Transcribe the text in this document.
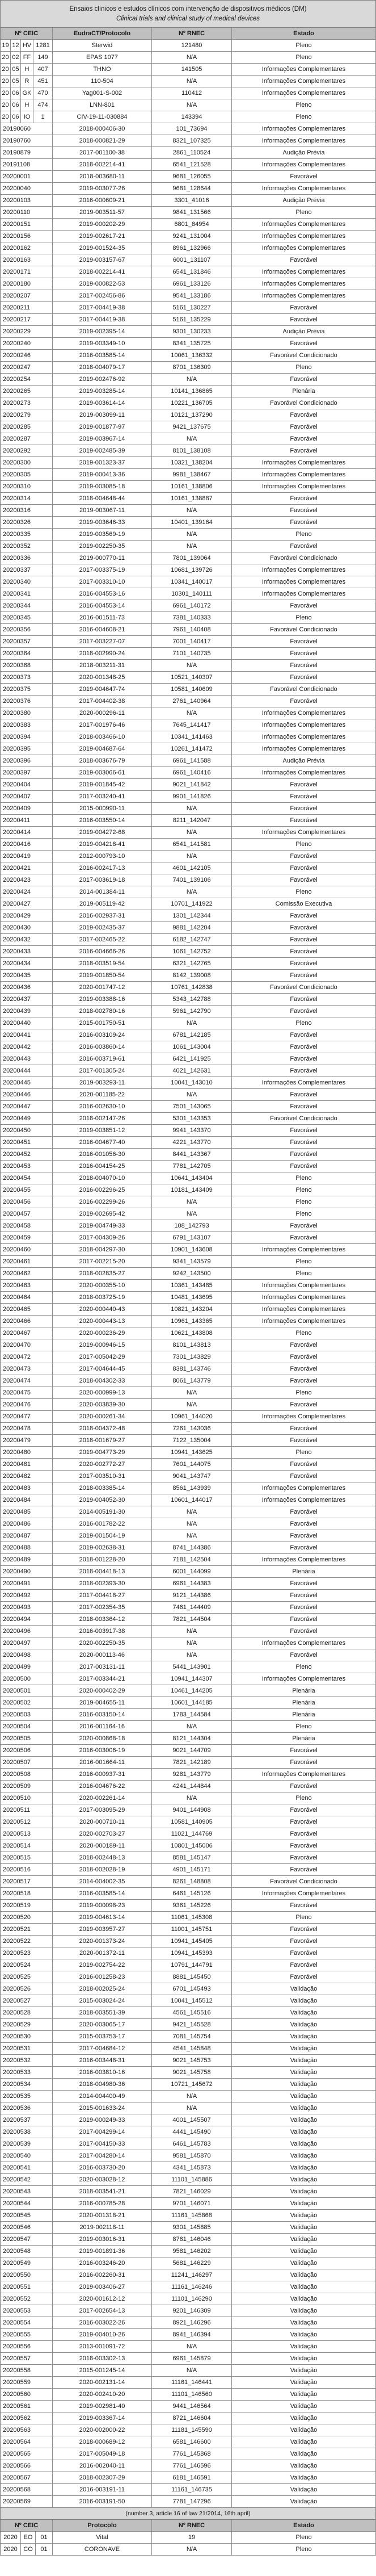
Ensaios clínicos e estudos clínicos com intervenção de dispositivos médicos (DM)
Clinical trials and clinical study of medical devices
Nº CEIC	EudraCT/Protocolo	Nº RNEC	Estado
19 12 HV 1281	Sterwid	121480	Pleno
20 02 FF	149	EPAS 1077	N/A	Pleno
20 05 H	407	THNO	141505	Informações Complementares
20 05 R	451	110-504	N/A	Informações Complementares
20 06 GK 470	Yag001-S-002	110412	Informações Complementares
20 06 H	474	LNN-801	N/A	Pleno
20 06 IO	1	CIV-19-11-030884	143394	Pleno
20190060	2018-000406-30	101_73694	Informações Complementares
20190760	2018-000821-29	8321_107325	Informações Complementares
20190879	2017-001100-38	2861_110524	Audição Prévia
20191108	2018-002214-41	6541_121528	Informações Complementares
20200001	2018-003680-11	9681_126055	Favorável
20200040	2019-003077-26	9681_128644	Informações Complementares
20200103	2016-000609-21	3301_41016	Audição Prévia
20200110	2019-003511-57	9841_131566	Pleno
20200151	2019-000202-29	6801_84954	Informações Complementares
20200156	2019-002617-21	9241_131004	Informações Complementares
20200162	2019-001524-35	8961_132966	Informações Complementares
20200163	2019-003157-67	6001_131107	Favorável
20200171	2018-002214-41	6541_131846	Informações Complementares
20200180	2019-000822-53	6961_133126	Informações Complementares
20200207	2017-002456-86	9541_133186	Informações Complementares
20200211	2017-004419-38	5161_130227	Favorável
20200217	2017-004419-38	5161_135229	Favorável
20200229	2019-002395-14	9301_130233	Audição Prévia
20200240	2019-003349-10	8341_135725	Favorável
20200246	2016-003585-14	10061_136332	Favorável Condicionado
20200247	2018-004079-17	8701_136309	Pleno
20200254	2019-002476-92	N/A	Favorável
20200265	2019-003285-14	10141_136865	Plenária
20200273	2019-003614-14	10221_136705	Favorável Condicionado
20200279	2019-003099-11	10121_137290	Favorável
20200285	2019-001877-97	9421_137675	Favorável
20200287	2019-003967-14	N/A	Favorável
20200292	2019-002485-39	8101_138108	Favorável
20200300	2019-001323-37	10321_138204	Informações Complementares
20200305	2019-000413-36	9981_138467	Informações Complementares
20200310	2019-003085-18	10161_138806	Informações Complementares
20200314	2018-004648-44	10161_138887	Favorável
20200316	2019-003067-11	N/A	Favorável
20200326	2019-003646-33	10401_139164	Favorável
20200335	2019-003569-19	N/A	Pleno
20200352	2019-002250-35	N/A	Favorável
20200336	2019-000770-11	7801_139064	Favorável Condicionado
20200337	2017-003375-19	10681_139726	Informações Complementares
20200340	2017-003310-10	10341_140017	Informações Complementares
20200341	2016-004553-16	10301_140111	Informações Complementares
20200344	2016-004553-14	6961_140172	Favorável
20200345	2016-001511-73	7381_140333	Pleno
20200356	2016-004608-21	7961_140408	Favorável Condicionado
20200357	2017-003227-07	7001_140417	Favorável
20200364	2018-002990-24	7101_140735	Favorável
20200368	2018-003211-31	N/A	Favorável
20200373	2020-001348-25	10521_140307	Favorável
20200375	2019-004647-74	10581_140609	Favorável Condicionado
20200376	2017-004402-38	2761_140964	Favorável
20200380	2020-000296-11	N/A	Informações Complementares
20200383	2017-001976-46	7645_141417	Informações Complementares
20200394	2018-003466-10	10341_141463	Informações Complementares
20200395	2019-004687-64	10261_141472	Informações Complementares
20200396	2018-003676-79	6961_141588	Audição Prévia
20200397	2019-003066-61	6961_140416	Informações Complementares
20200404	2019-001845-42	9021_141842	Favorável
20200407	2017-003240-41	9901_141826	Favorável
20200409	2015-000990-11	N/A	Favorável
20200411	2016-003550-14	8211_142047	Favorável
20200414	2019-004272-68	N/A	Informações Complementares
20200416	2019-004218-41	6541_141581	Pleno
20200419	2012-000793-10	N/A	Favorável
20200421	2016-002417-13	4601_142105	Favorável
20200423	2017-003619-18	7401_139106	Favorável
20200424	2014-001384-11	N/A	Pleno
20200427	2019-005119-42	10701_141922	Comissão Executiva
20200429	2016-002937-31	1301_142344	Favorável
20200430	2019-002435-37	9881_142204	Favorável
20200432	2017-002465-22	6182_142747	Favorável
20200433	2016-004666-26	1061_142752	Favorável
20200434	2018-003519-54	6321_142765	Favorável
20200435	2019-001850-54	8142_139008	Favorável
20200436	2020-001747-12	10761_142838	Favorável Condicionado
20200437	2019-003388-16	5343_142788	Favorável
20200439	2018-002780-16	5961_142790	Favorável
20200440	2015-001750-51	N/A	Pleno
20200441	2016-003109-24	6781_142185	Favorável
20200442	2016-003860-14	1061_143004	Favorável
20200443	2016-003719-61	6421_141925	Favorável
20200444	2017-001305-24	4021_142631	Favorável
20200445	2019-003293-11	10041_143010	Informações Complementares
20200446	2020-001185-22	N/A	Favorável
20200447	2016-002630-10	7501_143065	Favorável
20200449	2018-002147-26	5301_143353	Favorável Condicionado
20200450	2019-003851-12	9941_143370	Favorável
20200451	2016-004677-40	4221_143770	Favorável
20200452	2016-001056-30	8441_143367	Favorável
20200453	2016-004154-25	7781_142705	Favorável
20200454	2018-004070-10	10641_143404	Pleno
20200455	2016-002296-25	10181_143409	Pleno
20200456	2016-002299-26	N/A	Pleno
20200457	2019-002695-42	N/A	Pleno
20200458	2019-004749-33	108_142793	Favorável
20200459	2017-004309-26	6791_143107	Favorável
20200460	2018-004297-30	10901_143608	Informações Complementares
20200461	2017-002215-20	9341_143579	Pleno
20200462	2018-002835-27	9242_143500	Pleno
20200463	2020-000355-10	10361_143485	Informações Complementares
20200464	2018-003725-19	10481_143695	Informações Complementares
20200465	2020-000440-43	10821_143204	Informações Complementares
20200466	2020-000443-13	10961_143365	Informações Complementares
20200467	2020-000236-29	10621_143808	Pleno
20200470	2019-000946-15	8101_143813	Favorável
20200472	2017-005042-29	7301_143829	Favorável
20200473	2017-004644-45	8381_143746	Favorável
20200474	2018-004302-33	8061_143779	Favorável
20200475	2020-000999-13	N/A	Pleno
20200476	2020-003839-30	N/A	Favorável
20200477	2020-000261-34	10961_144020	Informações Complementares
20200478	2018-004372-48	7261_143036	Favorável
20200479	2018-001679-27	7122_135004	Favorável
20200480	2019-004773-29	10941_143625	Pleno
20200481	2020-002772-27	7601_144075	Favorável
20200482	2017-003510-31	9041_143747	Favorável
20200483	2018-003385-14	8561_143939	Informações Complementares
20200484	2019-004052-30	10601_144017	Informações Complementares
20200485	2014-005191-30	N/A	Favorável
20200486	2016-001782-22	N/A	Favorável
20200487	2019-001504-19	N/A	Favorável
20200488	2019-002638-31	8741_144386	Favorável
20200489	2018-001228-20	7181_142504	Informações Complementares
20200490	2018-004418-13	6001_144099	Plenária
20200491	2018-002393-30	6961_144383	Favorável
20200492	2017-004418-27	9121_144386	Favorável
20200493	2017-002354-35	7461_144409	Favorável
20200494	2018-003364-12	7821_144504	Favorável
20200496	2016-003917-38	N/A	Favorável
20200497	2020-002250-35	N/A	Informações Complementares
20200498	2020-000113-46	N/A	Favorável
20200499	2017-003131-11	5441_143901	Pleno
20200500	2017-003344-21	10941_144307	Informações Complementares
20200501	2020-000402-29	10461_144205	Plenária
20200502	2019-004655-11	10601_144185	Plenária
20200503	2016-003150-14	1783_144584	Plenária
20200504	2016-001164-16	N/A	Pleno
20200505	2020-000868-18	8121_144304	Plenária
20200506	2016-003006-19	9021_144709	Favorável
20200507	2016-001664-11	7821_142189	Favorável
20200508	2016-000937-31	9281_143779	Informações Complementares
20200509	2016-004676-22	4241_144844	Favorável
20200510	2020-002261-14	N/A	Pleno
20200511	2017-003095-29	9401_144908	Favorável
20200512	2020-000710-11	10581_140905	Favorável
20200513	2020-002703-27	11021_144769	Favorável
20200514	2020-000189-11	10801_145006	Favorável
20200515	2018-002448-13	8581_145147	Favorável
20200516	2018-002028-19	4901_145171	Favorável
20200517	2014-004002-35	8261_148808	Favorável Condicionado
20200518	2016-003585-14	6461_145126	Informações Complementares
20200519	2019-000098-23	9361_145226	Favorável
20200520	2019-004613-14	11061_145308	Pleno
20200521	2019-003957-27	11001_145751	Favorável
20200522	2020-001373-24	10941_145405	Favorável
20200523	2020-001372-11	10941_145393	Favorável
20200524	2019-002754-22	10791_144791	Favorável
20200525	2016-001258-23	8881_145450	Favorável
20200526	2018-002025-24	6701_145493	Validação
20200527	2015-003024-24	10041_145512	Validação
20200528	2018-003551-39	4561_145516	Validação
20200529	2020-003065-17	9421_145528	Validação
20200530	2015-003753-17	7081_145754	Validação
20200531	2017-004684-12	4541_145848	Validação
20200532	2016-003448-31	9021_145753	Validação
20200533	2016-003810-16	9021_145758	Validação
20200534	2018-004980-36	10721_145672	Validação
20200535	2014-004400-49	N/A	Validação
20200536	2015-001633-24	N/A	Validação
20200537	2019-000249-33	4001_145507	Validação
20200538	2017-004299-14	4441_145490	Validação
20200539	2017-004150-33	6461_145783	Validação
20200540	2017-004280-14	9581_145870	Validação
20200541	2016-003730-20	4341_145873	Validação
20200542	2020-003028-12	11101_145886	Validação
20200543	2018-003541-21	7821_146029	Validação
20200544	2016-000785-28	9701_146071	Validação
20200545	2020-001318-21	11161_145868	Validação
20200546	2019-002118-11	9301_145885	Validação
20200547	2019-003016-31	8781_146046	Validação
20200548	2019-001891-36	9581_146202	Validação
20200549	2016-003246-20	5681_146229	Validação
20200550	2016-002260-31	11241_146297	Validação
20200551	2019-003406-27	11161_146246	Validação
20200552	2020-001612-12	11101_146290	Validação
20200553	2017-002654-13	9201_146309	Validação
20200554	2016-003022-26	8921_146296	Validação
20200555	2019-004010-26	8941_146394	Validação
20200556	2013-001091-72	N/A	Validação
20200557	2018-003302-13	6961_145879	Validação
20200558	2015-001245-14	N/A	Validação
20200559	2020-002131-14	11161_146441	Validação
20200560	2020-002410-20	11101_146560	Validação
20200561	2019-002981-40	9441_146564	Validação
20200562	2019-003367-14	8721_146604	Validação
20200563	2020-002000-22	11181_145590	Validação
20200564	2018-000689-12	6581_146600	Validação
20200565	2017-005049-18	7761_145868	Validação
20200566	2016-002040-11	7761_146596	Validação
20200567	2018-002307-29	6181_146591	Validação
20200568	2016-003191-11	11161_146735	Validação
20200569	2016-003191-50	7781_147296	Validação
(number 3, article 16 of law 21/2014, 16th april)
Nº CEIC	Protocolo	Nº RNEC	Estado
2020 EO	01	Vital	19	Pleno
2020 CO	01	CORONAVE	N/A	Pleno
